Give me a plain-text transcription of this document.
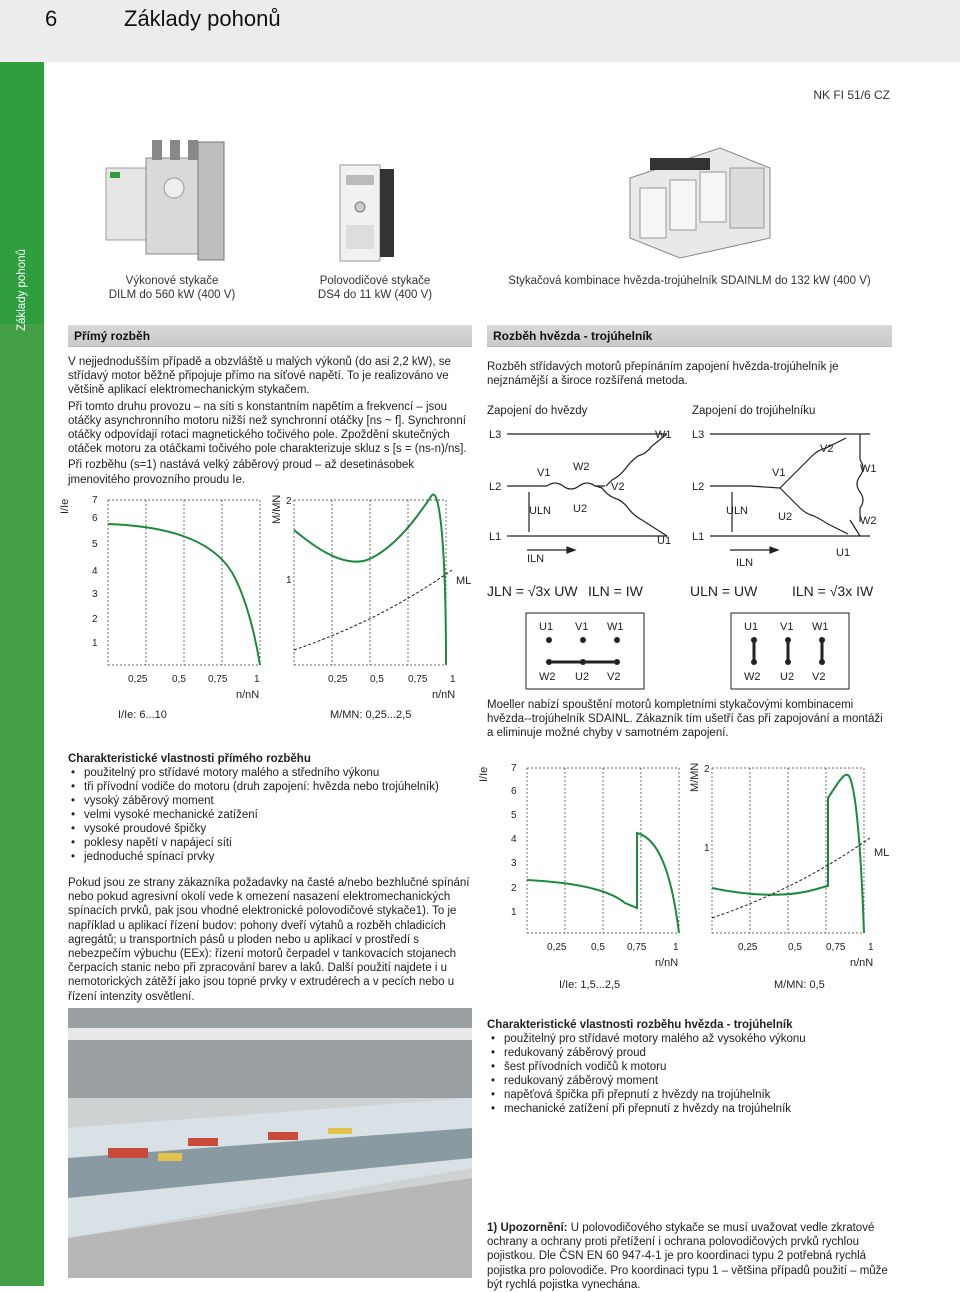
6	Základy pohonů
Základy pohonů
NK FI 51/6 CZ
Výkonové stykače
DILM do 560 kW (400 V)
Polovodičové stykače
DS4 do 11 kW (400 V)
Stykačová kombinace hvězda-trojúhelník SDAINLM do 132 kW (400 V)
Přímý rozběh

V nejjednodušším případě a obzvláště u malých výkonů (do asi 2,2 kW), se střídavý motor běžně připojuje přímo na síťové napětí. To je realizováno ve většině aplikací elektromechanickým stykačem.

Při tomto druhu provozu – na síti s konstantním napětím a frekvencí – jsou otáčky asynchronního motoru nižší než synchronní otáčky [ns ~ f]. Synchronní otáčky odpovídají rotaci magnetického točivého pole. Zpoždění skutečných otáček motoru za otáčkami točivého pole charakterizuje skluz s [s = (ns-n)/ns].

Při rozběhu (s=1) nastává velký záběrový proud – až desetinásobek jmenovitého provozního proudu Ie.

I/Ie 7
6
5
4
3
2
1
0,25 0,5 0,75	1
n/nN
I/Ie: 6...10
M/MN 2
1
0,25 0,5 0,75 1
ML
n/nN
M/MN: 0,25...2,5
Charakteristické vlastnosti přímého rozběhu
• použitelný pro střídavé motory malého a středního výkonu
• tři přívodní vodiče do motoru (druh zapojení: hvězda nebo trojúhelník)
• vysoký záběrový moment
• velmi vysoké mechanické zatížení
• vysoké proudové špičky
• poklesy napětí v napájecí síti
• jednoduché spínací prvky
Pokud jsou ze strany zákazníka požadavky na časté a/nebo bezhlučné spínání nebo pokud agresivní okolí vede k omezení nasazení elektromechanických spínacích prvků, pak jsou vhodné elektronické polovodičové stykače1). To je například u aplikací řízení budov: pohony dveří výtahů a rozběh chladicích agregátů; u transportních pásů u ploden nebo u aplikací v prostředí s nebezpečím výbuchu (EEx): řízení motorů čerpadel v tankovacích stojanech čerpacích stanic nebo při zpracování barev a laků. Další použití najdete i u nemotorických zátěží jako jsou topné prvky v extrudérech a v pecích nebo u řízení intenzity osvětlení.
Rozběh hvězda - trojúhelník
Rozběh střídavých motorů přepínáním zapojení hvězda-trojúhelník je nejznámější a široce rozšířená metoda.
Zapojení do hvězdy	Zapojení do trojúhelníku
L3
L2
L1
V1
W1
U1
W2
V2
U2
ULN
ILN
L3
L2
L1
V1
V2
W1
W2
U2
U1
ULN
ILN
JLN = √3x UW ILN = IW	ULN = UW ILN = √3x IW
U1 V1 W1
W2 U2 V2
U1 V1 W1
W2 U2 V2
Moeller nabízí spouštění motorů kompletními stykačovými kombinacemi hvězda--trojúhelník SDAINL. Zákazník tím ušetří čas při zapojování a montáži a eliminuje možné chyby v samotném zapojení.
I/Ie 7
6
5
4
3
2
1
0,25 0,5 0,75	1
n/nN
I/Ie: 1,5...2,5
M/MN 2
1
0,25	0,5 0,75 1
ML
n/nN
M/MN: 0,5
Charakteristické vlastnosti rozběhu hvězda - trojúhelník
• použitelný pro střídavé motory malého až vysokého výkonu
• redukovaný záběrový proud
• šest přívodních vodičů k motoru
• redukovaný záběrový moment
• napěťová špička při přepnutí z hvězdy na trojúhelník
• mechanické zatížení při přepnutí z hvězdy na trojúhelník
1) Upozornění: U polovodičového stykače se musí uvažovat vedle zkratové ochrany a ochrany proti přetížení i ochrana polovodičových prvků rychlou pojistkou. Dle ČSN EN 60 947-4-1 je pro koordinaci typu 2 potřebná rychlá pojistka pro polovodiče. Pro koordinaci typu 1 – většina případů použití – může být rychlá pojistka vynechána.
